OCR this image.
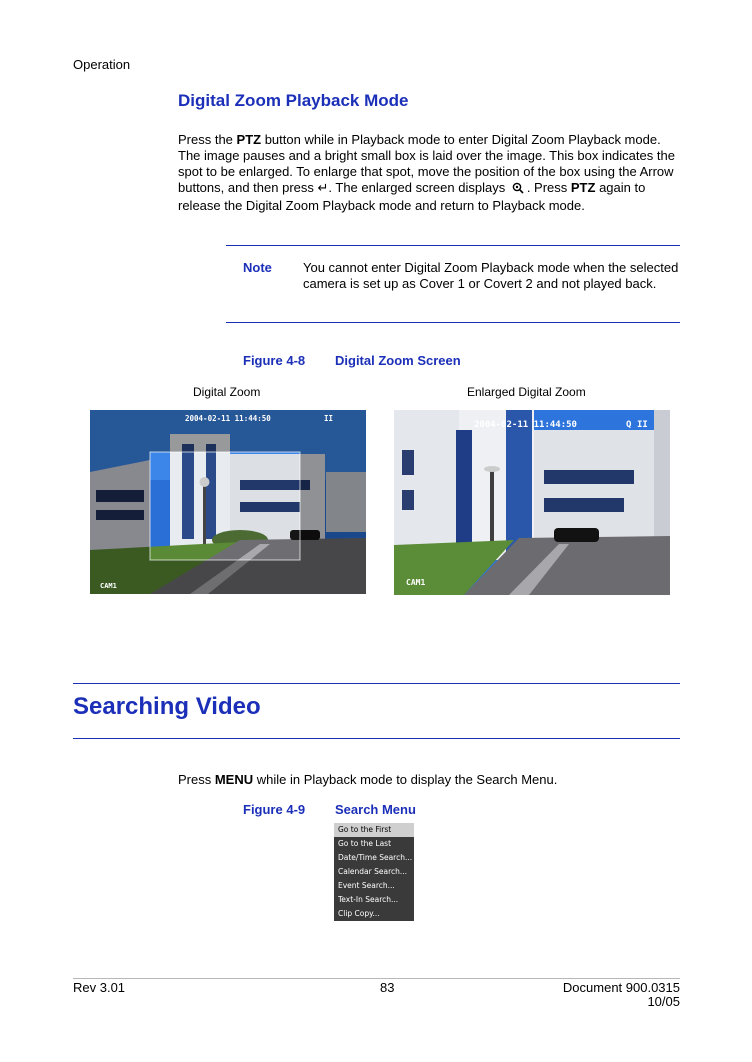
Operation
Digital Zoom Playback Mode
Press the PTZ button while in Playback mode to enter Digital Zoom Playback mode. The image pauses and a bright small box is laid over the image. This box indicates the spot to be enlarged. To enlarge that spot, move the position of the box using the Arrow buttons, and then press ↵. The enlarged screen displays . Press PTZ again to release the Digital Zoom Playback mode and return to Playback mode.
Note You cannot enter Digital Zoom Playback mode when the selected camera is set up as Cover 1 or Covert 2 and not played back.
Figure 4-8 Digital Zoom Screen
Digital Zoom	Enlarged Digital Zoom
2004-02-11 11:44:50	II
CAM1
2004-02-11 11:44:50	Q II
CAM1
Searching Video
Press MENU while in Playback mode to display the Search Menu.
Figure 4-9 Search Menu
Go to the First
Go to the Last
Date/Time Search...
Calendar Search...
Event Search...
Text-In Search...
Clip Copy...
Rev 3.01	83	Document 900.0315
10/05
